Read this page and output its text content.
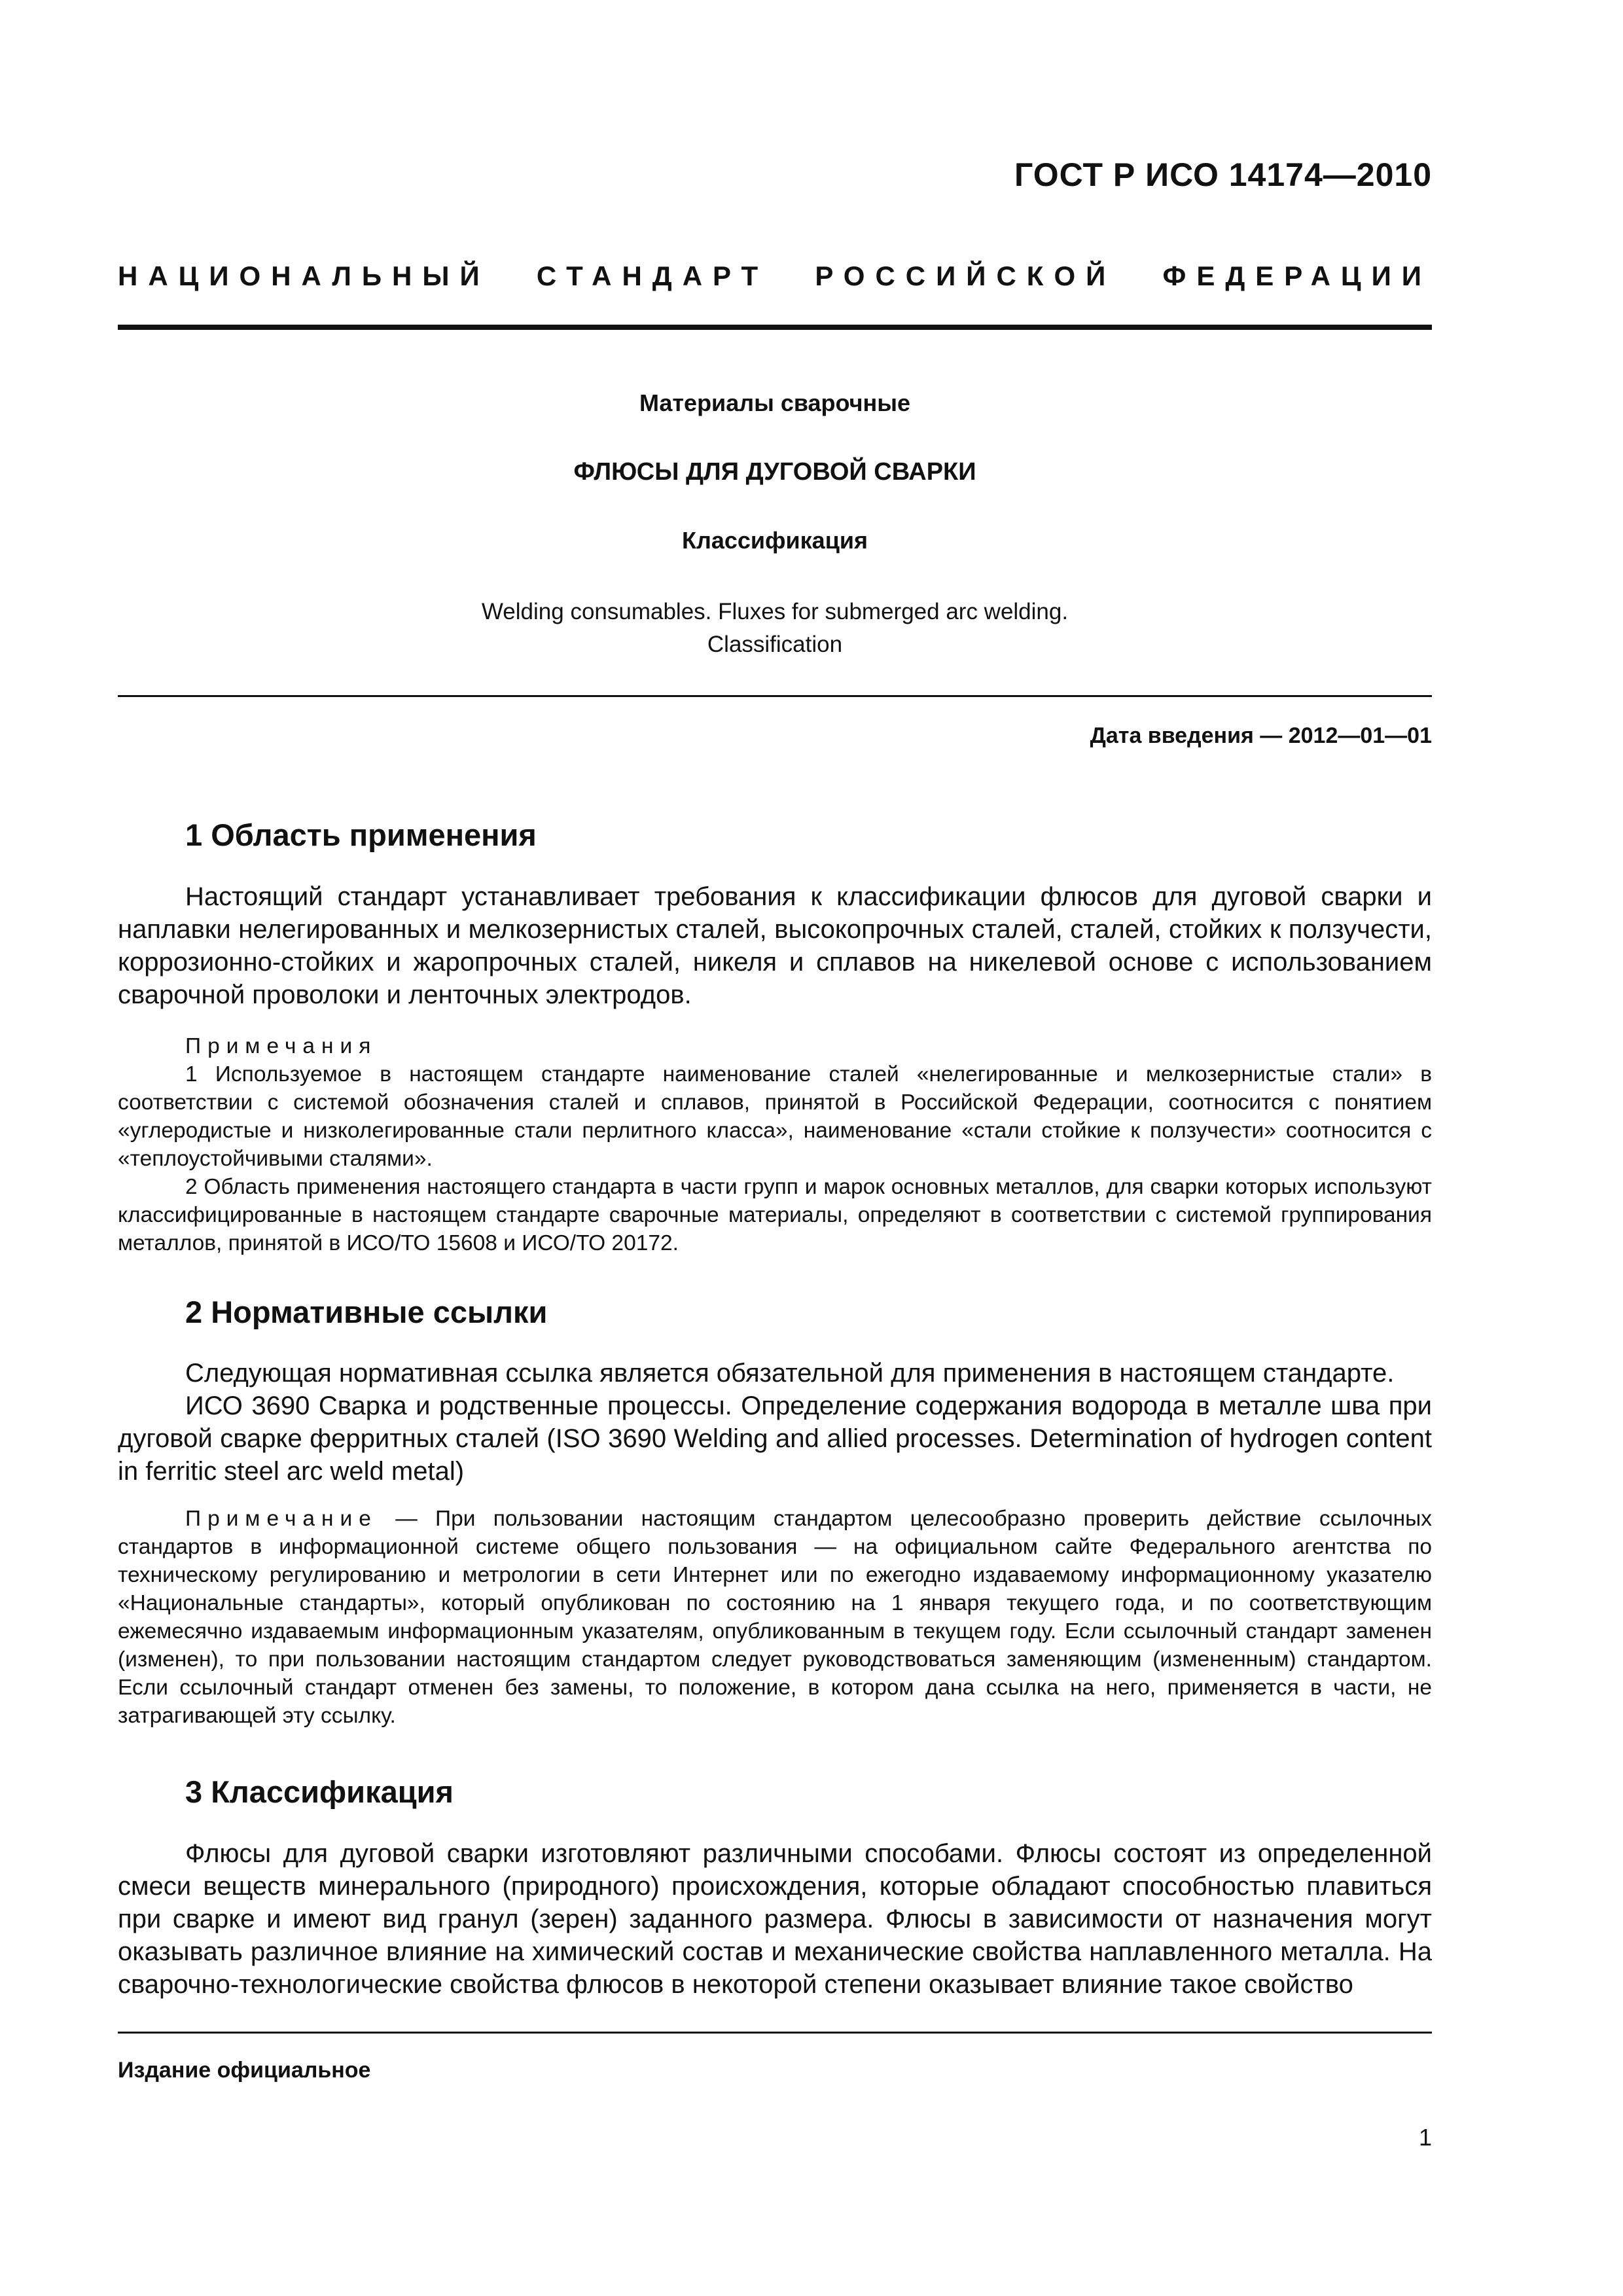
ГОСТ Р ИСО 14174—2010
НАЦИОНАЛЬНЫЙ СТАНДАРТ РОССИЙСКОЙ ФЕДЕРАЦИИ
Материалы сварочные
ФЛЮСЫ ДЛЯ ДУГОВОЙ СВАРКИ
Классификация
Welding consumables. Fluxes for submerged arc welding.
Classification
Дата введения — 2012—01—01
1 Область применения

Настоящий стандарт устанавливает требования к классификации флюсов для дуговой сварки и наплавки нелегированных и мелкозернистых сталей, высокопрочных сталей, сталей, стойких к ползучести, коррозионно-стойких и жаропрочных сталей, никеля и сплавов на никелевой основе с использованием сварочной проволоки и ленточных электродов.

Примечания

1 Используемое в настоящем стандарте наименование сталей «нелегированные и мелкозернистые стали» в соответствии с системой обозначения сталей и сплавов, принятой в Российской Федерации, соотносится с понятием «углеродистые и низколегированные стали перлитного класса», наименование «стали стойкие к ползучести» соотносится с «теплоустойчивыми сталями».

2 Область применения настоящего стандарта в части групп и марок основных металлов, для сварки которых используют классифицированные в настоящем стандарте сварочные материалы, определяют в соответствии с системой группирования металлов, принятой в ИСО/ТО 15608 и ИСО/ТО 20172.

2 Нормативные ссылки

Следующая нормативная ссылка является обязательной для применения в настоящем стандарте.

ИСО 3690 Сварка и родственные процессы. Определение содержания водорода в металле шва при дуговой сварке ферритных сталей (ISO 3690 Welding and allied processes. Determination of hydrogen content in ferritic steel arc weld metal)

Примечание — При пользовании настоящим стандартом целесообразно проверить действие ссылочных стандартов в информационной системе общего пользования — на официальном сайте Федерального агентства по техническому регулированию и метрологии в сети Интернет или по ежегодно издаваемому информационному указателю «Национальные стандарты», который опубликован по состоянию на 1 января текущего года, и по соответствующим ежемесячно издаваемым информационным указателям, опубликованным в текущем году. Если ссылочный стандарт заменен (изменен), то при пользовании настоящим стандартом следует руководствоваться заменяющим (измененным) стандартом. Если ссылочный стандарт отменен без замены, то положение, в котором дана ссылка на него, применяется в части, не затрагивающей эту ссылку.

3 Классификация

Флюсы для дуговой сварки изготовляют различными способами. Флюсы состоят из определенной смеси веществ минерального (природного) происхождения, которые обладают способностью плавиться при сварке и имеют вид гранул (зерен) заданного размера. Флюсы в зависимости от назначения могут оказывать различное влияние на химический состав и механические свойства наплавленного металла. На сварочно-технологические свойства флюсов в некоторой степени оказывает влияние такое свойство

Издание официальное
1
